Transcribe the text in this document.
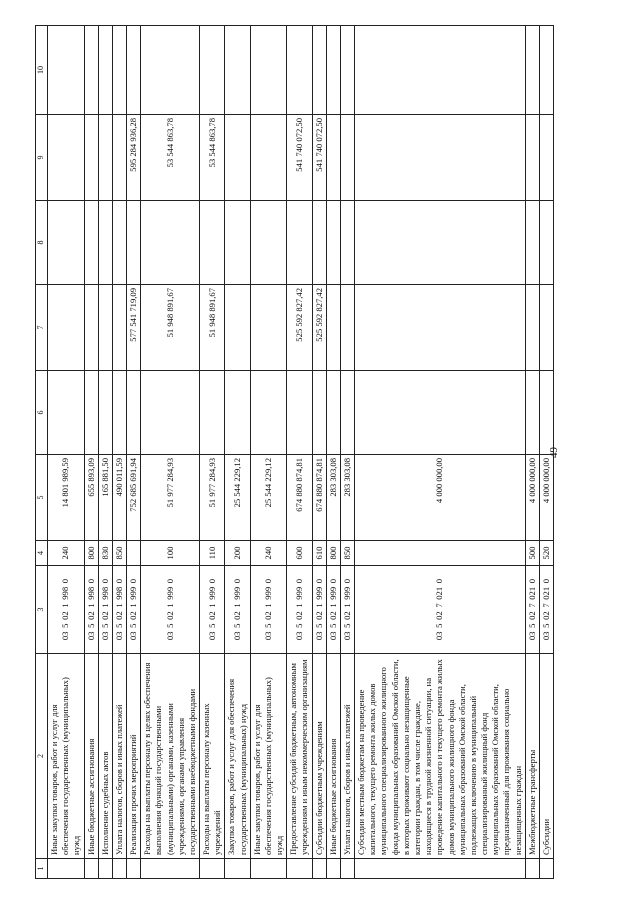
49
1	2	3	4	5	6	7	8	9	10
	Иные закупки товаров, работ и услуг для обеспечения государственных (муниципальных) нужд	03 5 02 1 998 0	240	14 801 989,59					
	Иные бюджетные ассигнования	03 5 02 1 998 0	800	655 893,09					
	Исполнение судебных актов	03 5 02 1 998 0	830	165 881,50					
	Уплата налогов, сборов и иных платежей	03 5 02 1 998 0	850	490 011,59					
	Реализация прочих мероприятий	03 5 02 1 999 0		752 685 691,94		577 541 719,09		595 284 936,28	
	Расходы на выплаты персоналу в целях обеспечения выполнения функций государственными (муниципальными) органами, казенными учреждениями, органами управления государственными внебюджетными фондами	03 5 02 1 999 0	100	51 977 284,93		51 948 891,67		53 544 863,78	
	Расходы на выплаты персоналу казенных учреждений	03 5 02 1 999 0	110	51 977 284,93		51 948 891,67		53 544 863,78	
	Закупка товаров, работ и услуг для обеспечения государственных (муниципальных) нужд	03 5 02 1 999 0	200	25 544 229,12					
	Иные закупки товаров, работ и услуг для обеспечения государственных (муниципальных) нужд	03 5 02 1 999 0	240	25 544 229,12					
	Предоставление субсидий бюджетным, автономным учреждениям и иным некоммерческим организациям	03 5 02 1 999 0	600	674 880 874,81		525 592 827,42		541 740 072,50	
	Субсидии бюджетным учреждениям	03 5 02 1 999 0	610	674 880 874,81		525 592 827,42		541 740 072,50	
	Иные бюджетные ассигнования	03 5 02 1 999 0	800	283 303,08					
	Уплата налогов, сборов и иных платежей	03 5 02 1 999 0	850	283 303,08					
	Субсидии местным бюджетам на проведение капитального, текущего ремонта жилых домов муниципального специализированного жилищного фонда муниципальных образований Омской области, в которых проживают социально незащищенные категории граждан, в том числе граждане, находящиеся в трудной жизненной ситуации, на проведение капитального и текущего ремонта жилых домов муниципального жилищного фонда муниципальных образований Омской области, подлежащих включению в муниципальный специализированный жилищный фонд муниципальных образований Омской области, предназначенный для проживания социально незащищенных граждан	03 5 02 7 021 0		4 000 000,00					
	Межбюджетные трансферты	03 5 02 7 021 0	500	4 000 000,00					
	Субсидии	03 5 02 7 021 0	520	4 000 000,00					
